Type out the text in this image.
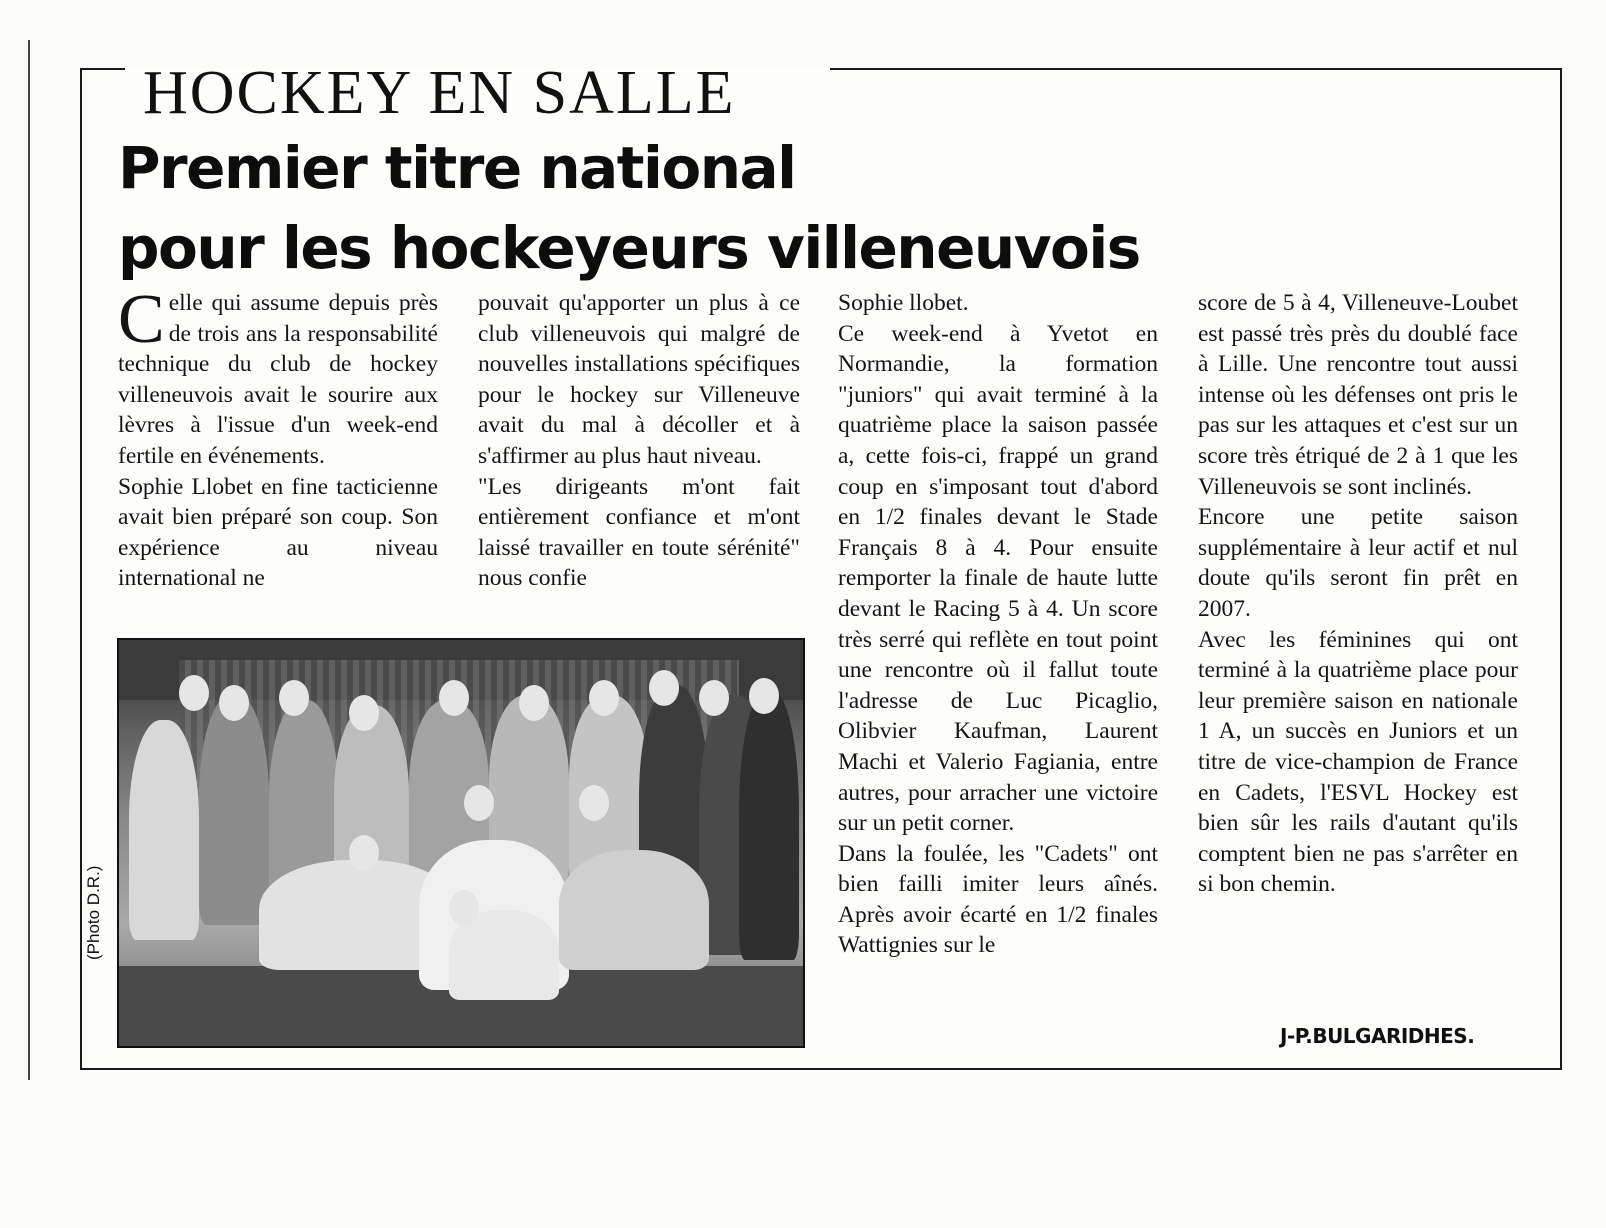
HOCKEY EN SALLE
Premier titre national
pour les hockeyeurs villeneuvois

Celle qui assume depuis près de trois ans la responsabilité technique du club de hockey villeneuvois avait le sourire aux lèvres à l'issue d'un week-end fertile en événements.

Sophie Llobet en fine tacticienne avait bien préparé son coup. Son expérience au niveau international ne

pouvait qu'apporter un plus à ce club villeneuvois qui malgré de nouvelles installations spécifiques pour le hockey sur Villeneuve avait du mal à décoller et à s'affirmer au plus haut niveau.

"Les dirigeants m'ont fait entièrement confiance et m'ont laissé travailler en toute sérénité" nous confie

Sophie llobet.

Ce week-end à Yvetot en Normandie, la formation "juniors" qui avait terminé à la quatrième place la saison passée a, cette fois-ci, frappé un grand coup en s'imposant tout d'abord en 1/2 finales devant le Stade Français 8 à 4. Pour ensuite remporter la finale de haute lutte devant le Racing 5 à 4. Un score très serré qui reflète en tout point une rencontre où il fallut toute l'adresse de Luc Picaglio, Olibvier Kaufman, Laurent Machi et Valerio Fagiania, entre autres, pour arracher une victoire sur un petit corner.

Dans la foulée, les "Cadets" ont bien failli imiter leurs aînés. Après avoir écarté en 1/2 finales Wattignies sur le

score de 5 à 4, Villeneuve-Loubet est passé très près du doublé face à Lille. Une rencontre tout aussi intense où les défenses ont pris le pas sur les attaques et c'est sur un score très étriqué de 2 à 1 que les Villeneuvois se sont inclinés.

Encore une petite saison supplémentaire à leur actif et nul doute qu'ils seront fin prêt en 2007.

Avec les féminines qui ont terminé à la quatrième place pour leur première saison en nationale 1 A, un succès en Juniors et un titre de vice-champion de France en Cadets, l'ESVL Hockey est bien sûr les rails d'autant qu'ils comptent bien ne pas s'arrêter en si bon chemin.

(Photo D.R.)
J-P.BULGARIDHES.
